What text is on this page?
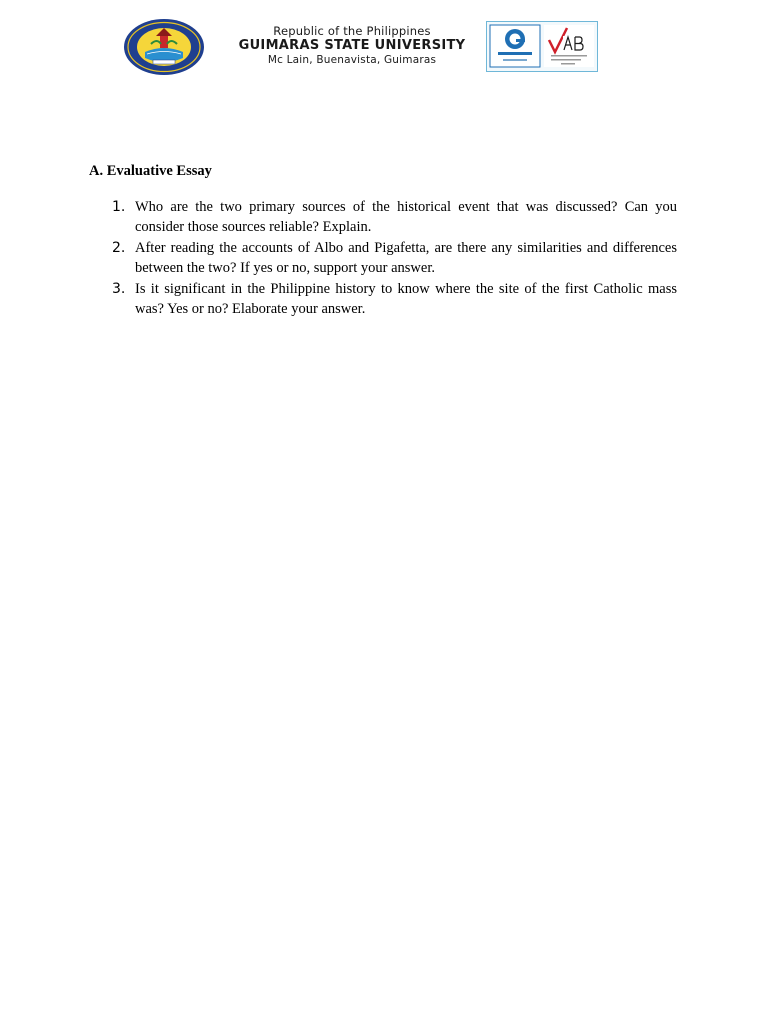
Republic of the Philippines
GUIMARAS STATE UNIVERSITY
Mc Lain, Buenavista, Guimaras
A. Evaluative Essay
1. Who are the two primary sources of the historical event that was discussed? Can you consider those sources reliable? Explain.

2. After reading the accounts of Albo and Pigafetta, are there any similarities and differences between the two? If yes or no, support your answer.

3. Is it significant in the Philippine history to know where the site of the first Catholic mass was? Yes or no? Elaborate your answer.
